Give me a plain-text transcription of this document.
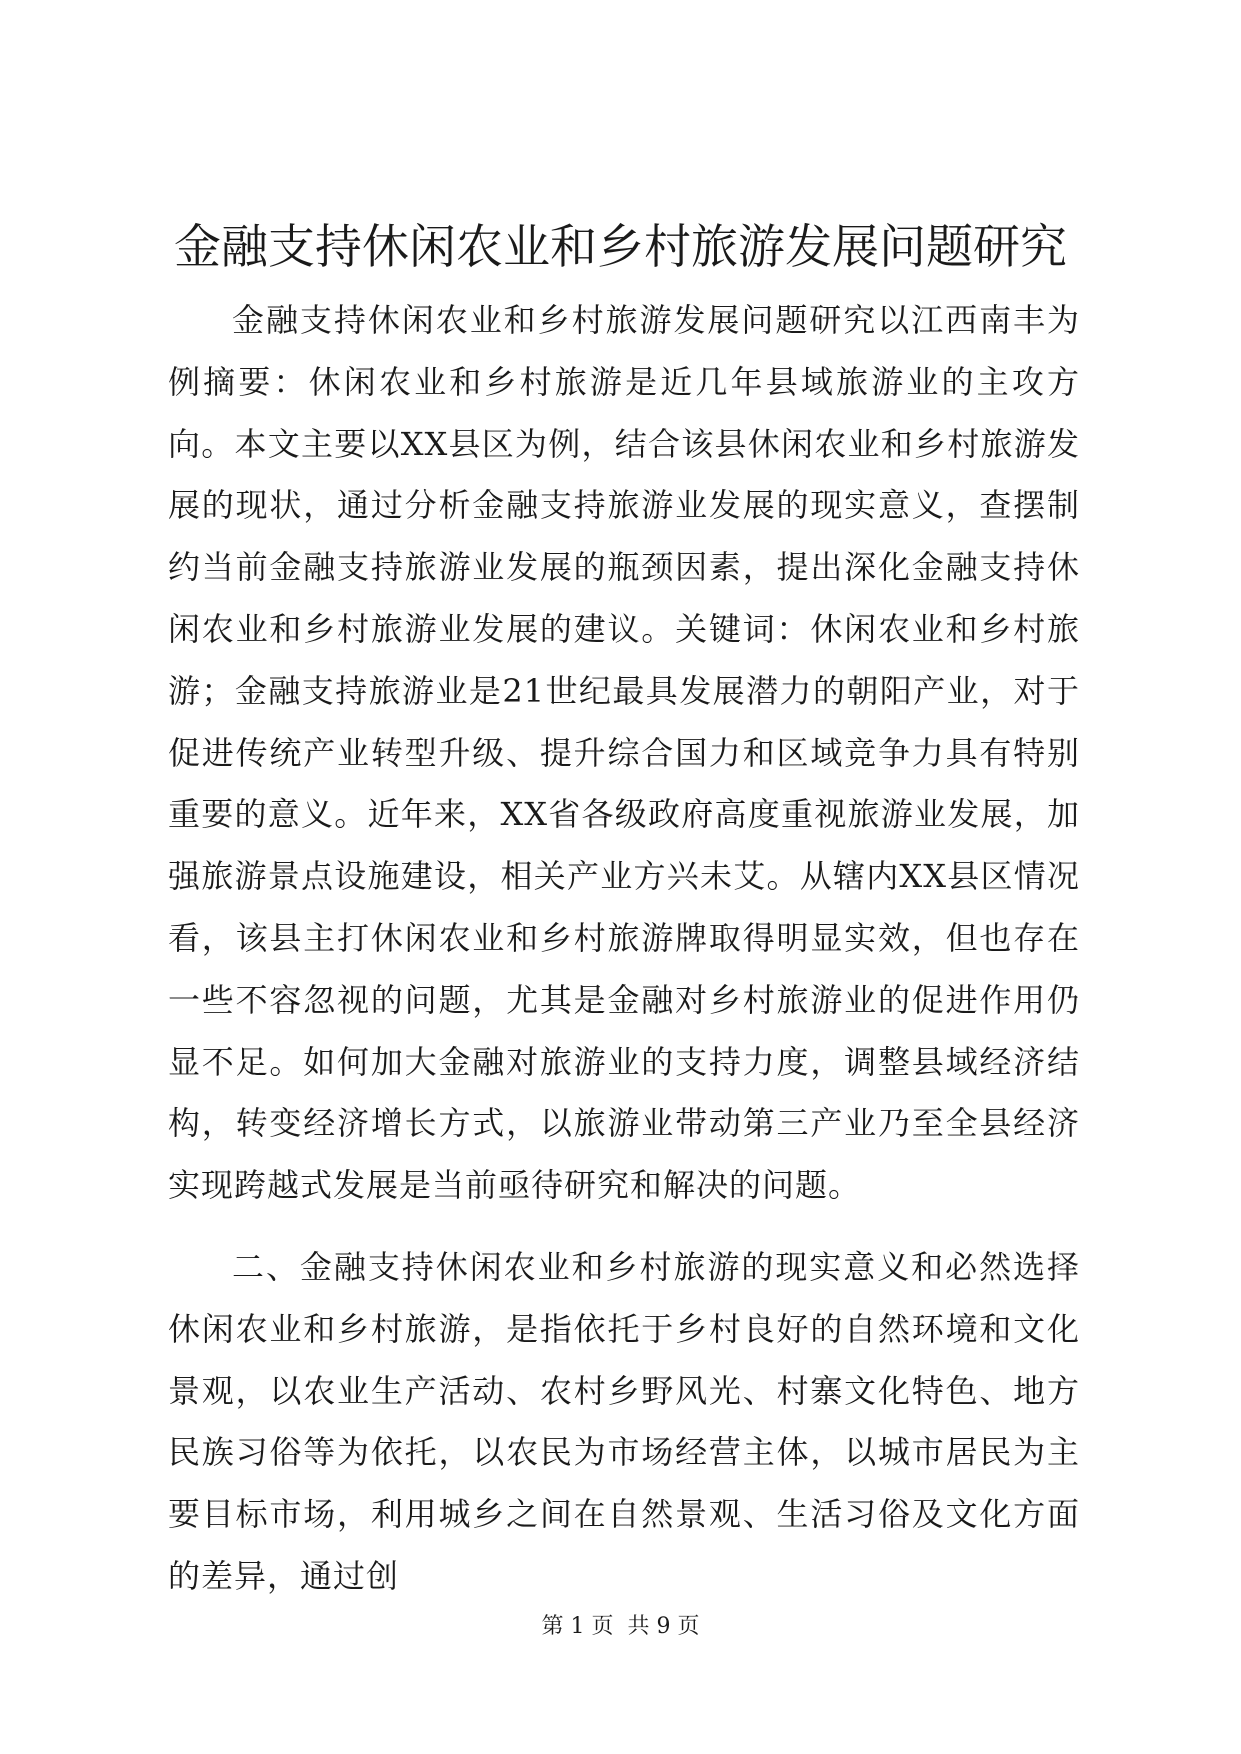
金融支持休闲农业和乡村旅游发展问题研究

金融支持休闲农业和乡村旅游发展问题研究以江西南丰为例摘要：休闲农业和乡村旅游是近几年县域旅游业的主攻方向。本文主要以XX县区为例，结合该县休闲农业和乡村旅游发展的现状，通过分析金融支持旅游业发展的现实意义，查摆制约当前金融支持旅游业发展的瓶颈因素，提出深化金融支持休闲农业和乡村旅游业发展的建议。关键词：休闲农业和乡村旅游；金融支持旅游业是21世纪最具发展潜力的朝阳产业，对于促进传统产业转型升级、提升综合国力和区域竞争力具有特别重要的意义。近年来，XX省各级政府高度重视旅游业发展，加强旅游景点设施建设，相关产业方兴未艾。从辖内XX县区情况看，该县主打休闲农业和乡村旅游牌取得明显实效，但也存在一些不容忽视的问题，尤其是金融对乡村旅游业的促进作用仍显不足。如何加大金融对旅游业的支持力度，调整县域经济结构，转变经济增长方式，以旅游业带动第三产业乃至全县经济实现跨越式发展是当前亟待研究和解决的问题。

二、金融支持休闲农业和乡村旅游的现实意义和必然选择休闲农业和乡村旅游，是指依托于乡村良好的自然环境和文化景观，以农业生产活动、农村乡野风光、村寨文化特色、地方民族习俗等为依托，以农民为市场经营主体，以城市居民为主要目标市场，利用城乡之间在自然景观、生活习俗及文化方面的差异，通过创

第 1 页  共 9 页
